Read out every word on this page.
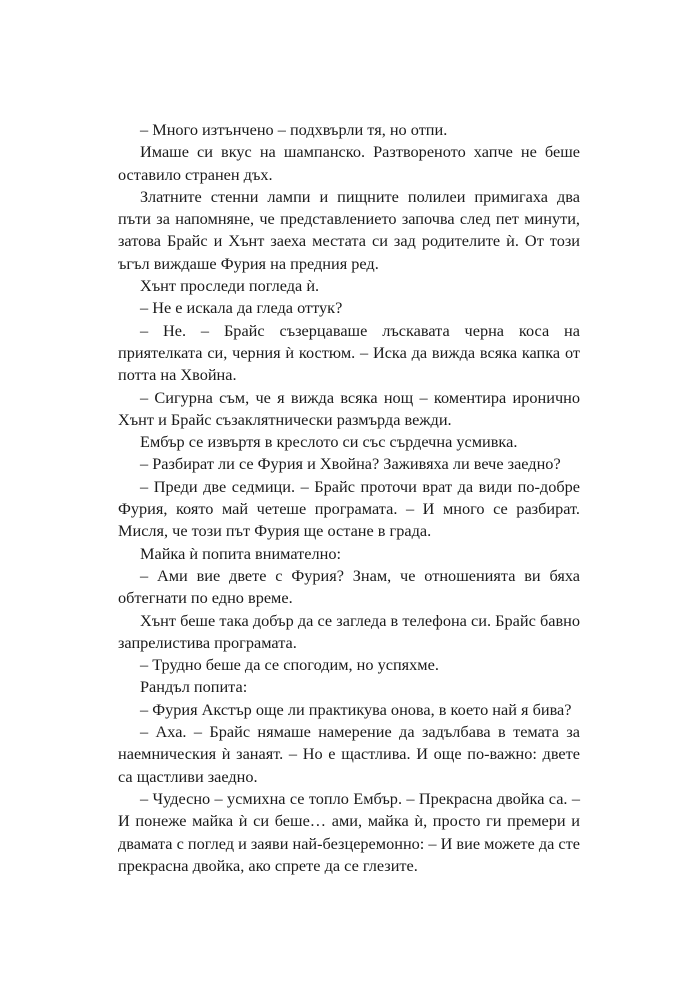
– Много изтънчено – подхвърли тя, но отпи.

Имаше си вкус на шампанско. Разтвореното хапче не беше оставило странен дъх.

Златните стенни лампи и пищните полилеи примигаха два пъти за напомняне, че представлението започва след пет минути, затова Брайс и Хънт заеха местата си зад родителите ѝ. От този ъгъл виждаше Фурия на предния ред.

Хънт проследи погледа ѝ.

– Не е искала да гледа оттук?

– Не. – Брайс съзерцаваше лъскавата черна коса на приятелката си, черния ѝ костюм. – Иска да вижда всяка капка от потта на Хвойна.

– Сигурна съм, че я вижда всяка нощ – коментира иронично Хънт и Брайс съзаклятнически размърда вежди.

Ембър се извъртя в креслото си със сърдечна усмивка.

– Разбират ли се Фурия и Хвойна? Заживяха ли вече заедно?

– Преди две седмици. – Брайс проточи врат да види по-добре Фурия, която май четеше програмата. – И много се разбират. Мисля, че този път Фурия ще остане в града.

Майка ѝ попита внимателно:

– Ами вие двете с Фурия? Знам, че отношенията ви бяха обтегнати по едно време.

Хънт беше така добър да се загледа в телефона си. Брайс бавно запрелистива програмата.

– Трудно беше да се спогодим, но успяхме.

Рандъл попита:

– Фурия Акстър още ли практикува онова, в което най я бива?

– Аха. – Брайс нямаше намерение да задълбава в темата за наемническия ѝ занаят. – Но е щастлива. И още по-важно: двете са щастливи заедно.

– Чудесно – усмихна се топло Ембър. – Прекрасна двойка са. – И понеже майка ѝ си беше… ами, майка ѝ, просто ги премери и двамата с поглед и заяви най-безцеремонно: – И вие можете да сте прекрасна двойка, ако спрете да се глезите.
